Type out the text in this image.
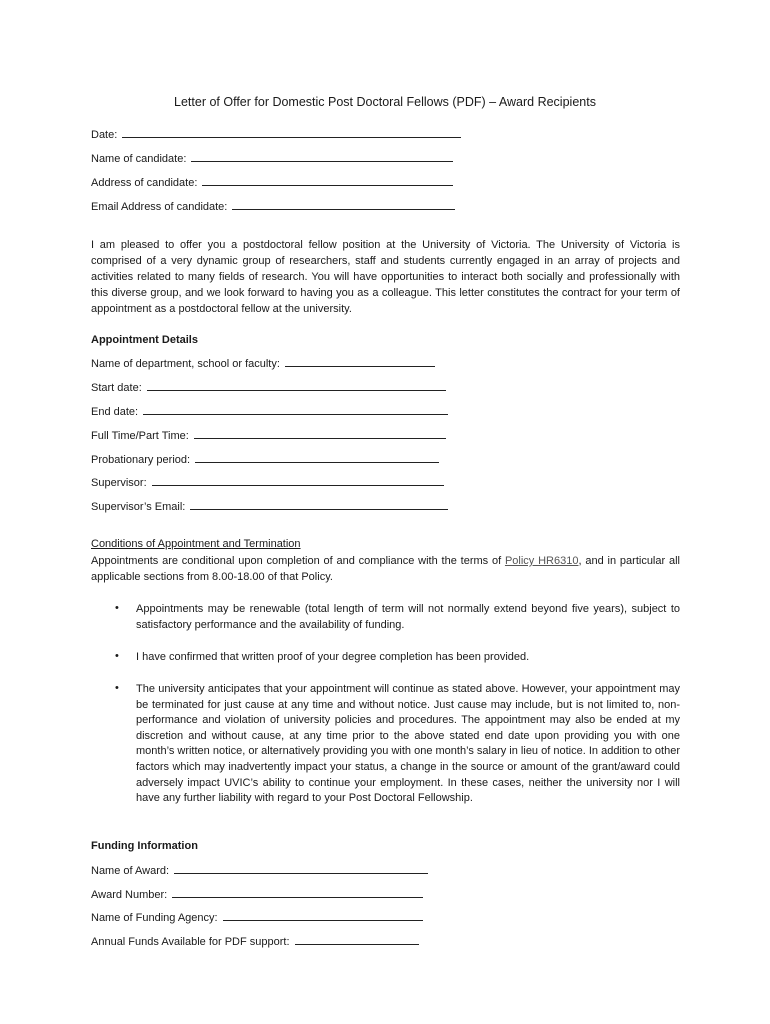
Letter of Offer for Domestic Post Doctoral Fellows (PDF) – Award Recipients
Date:
Name of candidate:
Address of candidate:
Email Address of candidate:
I am pleased to offer you a postdoctoral fellow position at the University of Victoria. The University of Victoria is comprised of a very dynamic group of researchers, staff and students currently engaged in an array of projects and activities related to many fields of research. You will have opportunities to interact both socially and professionally with this diverse group, and we look forward to having you as a colleague. This letter constitutes the contract for your term of appointment as a postdoctoral fellow at the university.
Appointment Details
Name of department, school or faculty:
Start date:
End date:
Full Time/Part Time:
Probationary period:
Supervisor:
Supervisor’s Email:
Conditions of Appointment and Termination
Appointments are conditional upon completion of and compliance with the terms of Policy HR6310, and in particular all applicable sections from 8.00-18.00 of that Policy.
• Appointments may be renewable (total length of term will not normally extend beyond five years), subject to satisfactory performance and the availability of funding.
• I have confirmed that written proof of your degree completion has been provided.
• The university anticipates that your appointment will continue as stated above. However, your appointment may be terminated for just cause at any time and without notice. Just cause may include, but is not limited to, non-performance and violation of university policies and procedures. The appointment may also be ended at my discretion and without cause, at any time prior to the above stated end date upon providing you with one month’s written notice, or alternatively providing you with one month’s salary in lieu of notice. In addition to other factors which may inadvertently impact your status, a change in the source or amount of the grant/award could adversely impact UVIC’s ability to continue your employment. In these cases, neither the university nor I will have any further liability with regard to your Post Doctoral Fellowship.
Funding Information
Name of Award:
Award Number:
Name of Funding Agency:
Annual Funds Available for PDF support:
